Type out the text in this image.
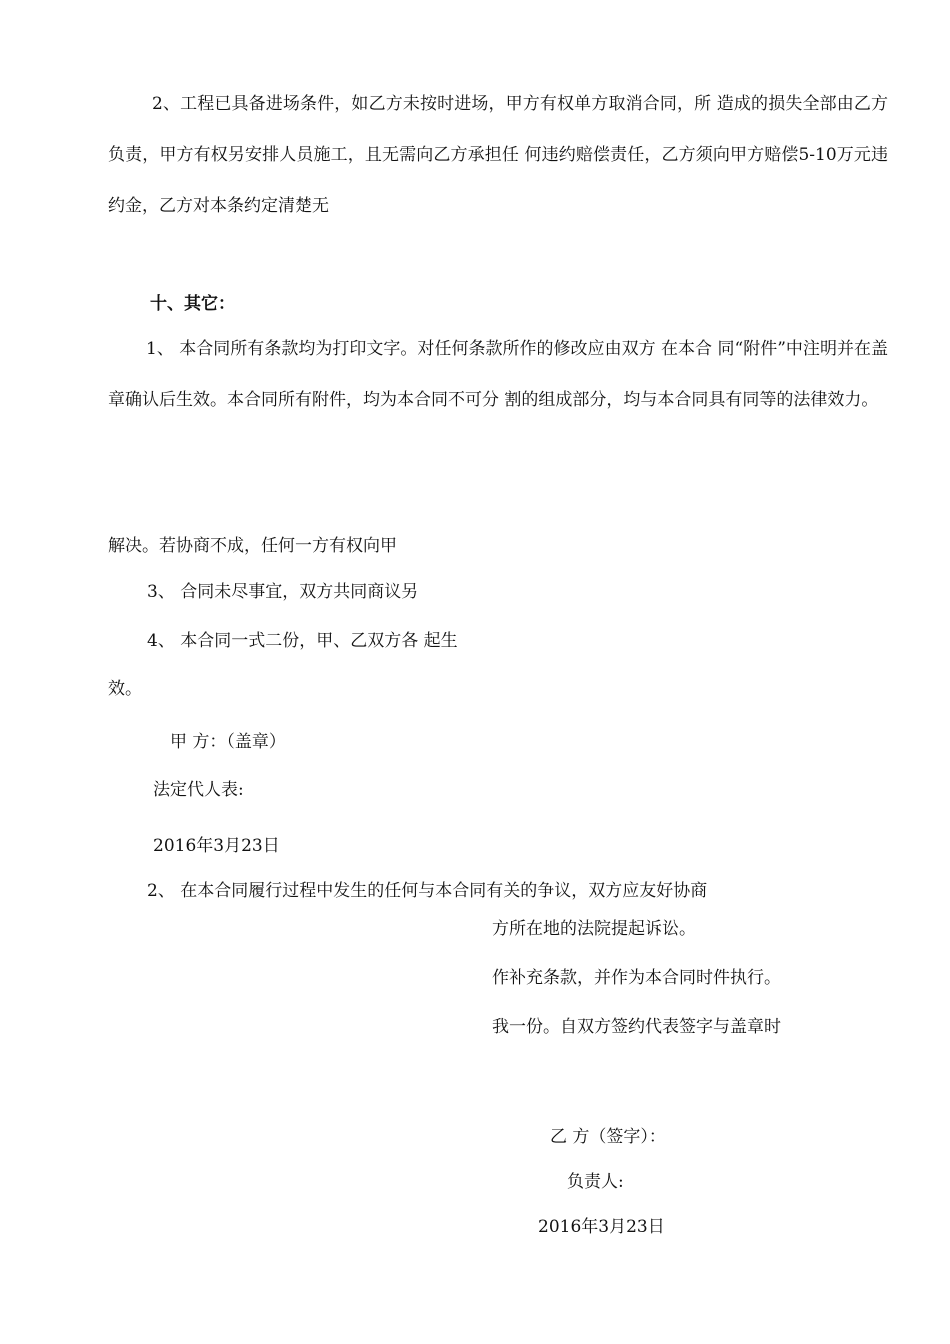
2、工程已具备进场条件，如乙方未按时进场，甲方有权单方取消合同，所 造成的损失全部由乙方负责，甲方有权另安排人员施工，且无需向乙方承担任 何违约赔偿责任，乙方须向甲方赔偿5-10万元违约金，乙方对本条约定清楚无
十、其它：
1、 本合同所有条款均为打印文字。对任何条款所作的修改应由双方 在本合 同“附件”中注明并在盖章确认后生效。本合同所有附件，均为本合同不可分 割的组成部分，均与本合同具有同等的法律效力。
解决。若协商不成，任何一方有权向甲
3、 合同未尽事宜，双方共同商议另
4、 本合同一式二份，甲、乙双方各 起生
效。
甲 方：（盖章）
法定代人表:
2016年3月23日
2、 在本合同履行过程中发生的任何与本合同有关的争议，双方应友好协商
方所在地的法院提起诉讼。
作补充条款，并作为本合同时件执行。
我一份。自双方签约代表签字与盖章时
乙 方（签字）：
负责人:
2016年3月23日
